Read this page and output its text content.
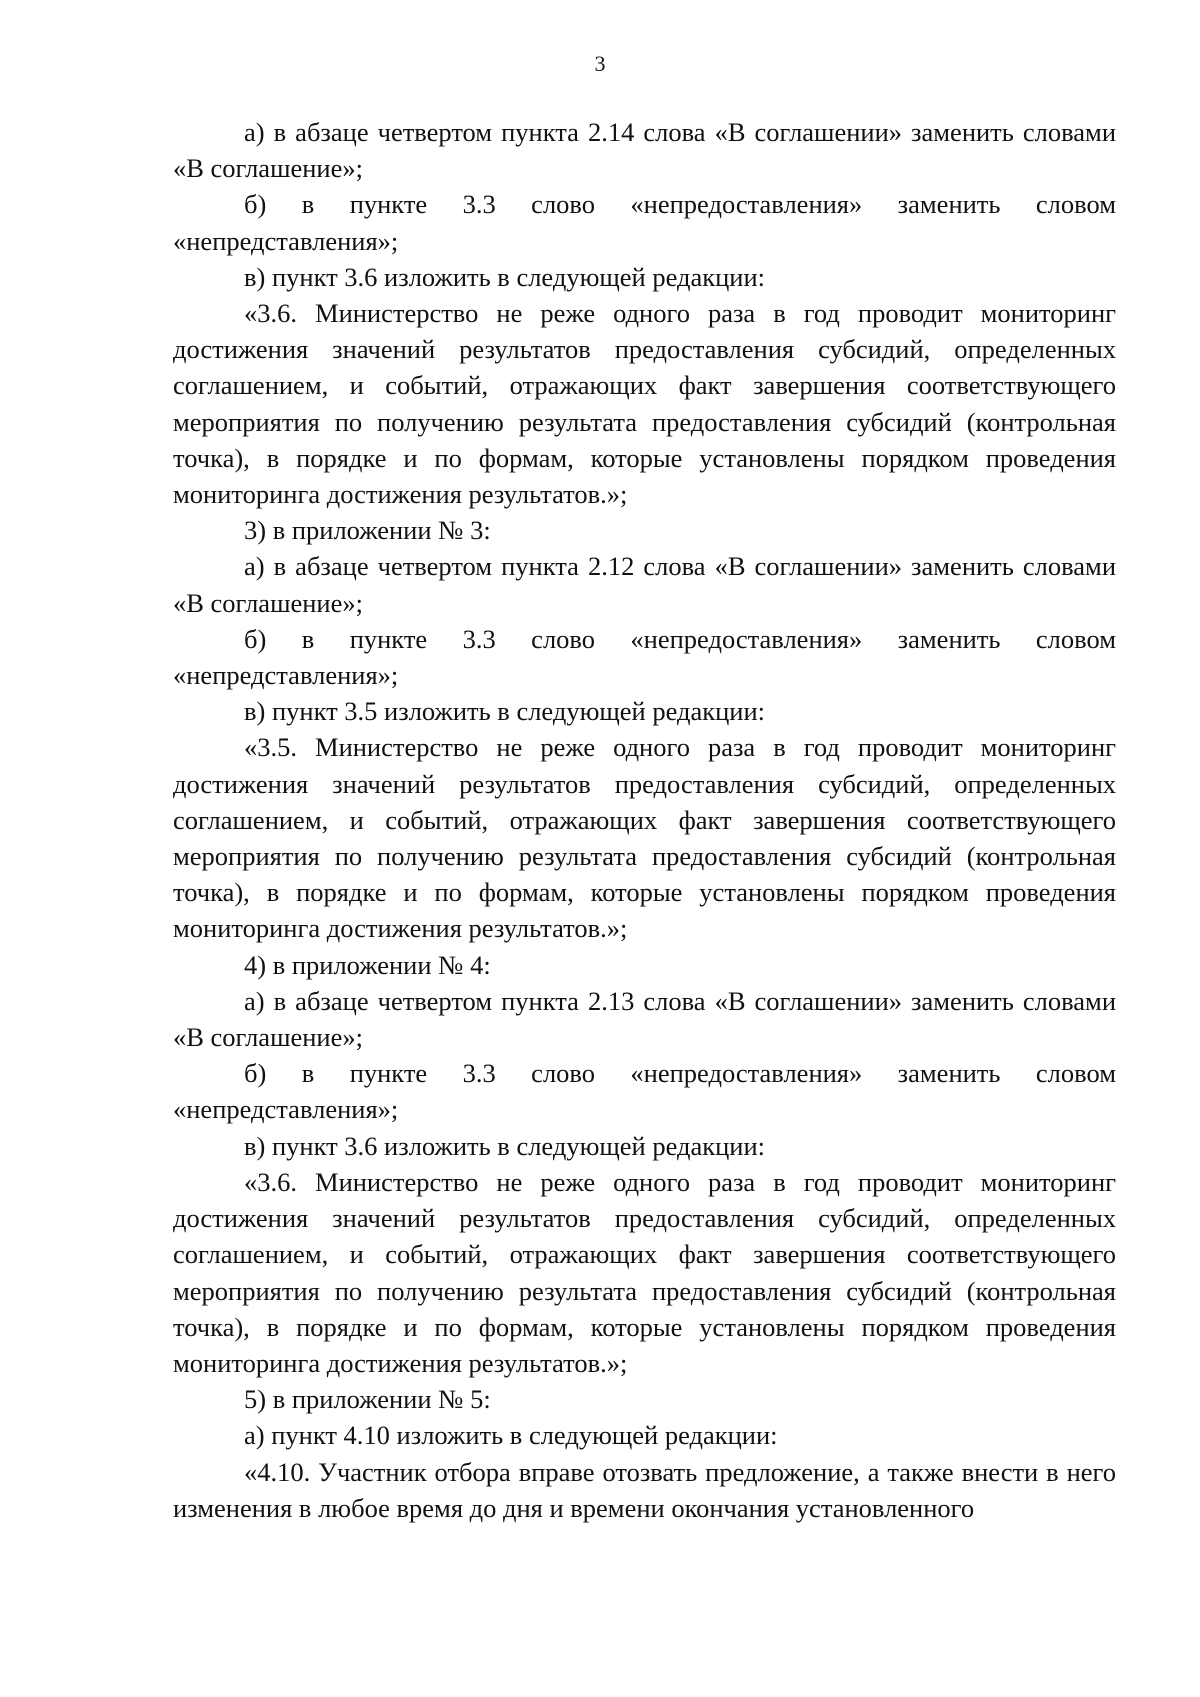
3

а) в абзаце четвертом пункта 2.14 слова «В соглашении» заменить словами «В соглашение»;

б) в пункте 3.3 слово «непредоставления» заменить словом «непредставления»;

в) пункт 3.6 изложить в следующей редакции:

«3.6. Министерство не реже одного раза в год проводит мониторинг достижения значений результатов предоставления субсидий, определенных соглашением, и событий, отражающих факт завершения соответствующего мероприятия по получению результата предоставления субсидий (контрольная точка), в порядке и по формам, которые установлены порядком проведения мониторинга достижения результатов.»;

3) в приложении № 3:

а) в абзаце четвертом пункта 2.12 слова «В соглашении» заменить словами «В соглашение»;

б) в пункте 3.3 слово «непредоставления» заменить словом «непредставления»;

в) пункт 3.5 изложить в следующей редакции:

«3.5. Министерство не реже одного раза в год проводит мониторинг достижения значений результатов предоставления субсидий, определенных соглашением, и событий, отражающих факт завершения соответствующего мероприятия по получению результата предоставления субсидий (контрольная точка), в порядке и по формам, которые установлены порядком проведения мониторинга достижения результатов.»;

4) в приложении № 4:

а) в абзаце четвертом пункта 2.13 слова «В соглашении» заменить словами «В соглашение»;

б) в пункте 3.3 слово «непредоставления» заменить словом «непредставления»;

в) пункт 3.6 изложить в следующей редакции:

«3.6. Министерство не реже одного раза в год проводит мониторинг достижения значений результатов предоставления субсидий, определенных соглашением, и событий, отражающих факт завершения соответствующего мероприятия по получению результата предоставления субсидий (контрольная точка), в порядке и по формам, которые установлены порядком проведения мониторинга достижения результатов.»;

5) в приложении № 5:

а) пункт 4.10 изложить в следующей редакции:

«4.10. Участник отбора вправе отозвать предложение, а также внести в него изменения в любое время до дня и времени окончания установленного
